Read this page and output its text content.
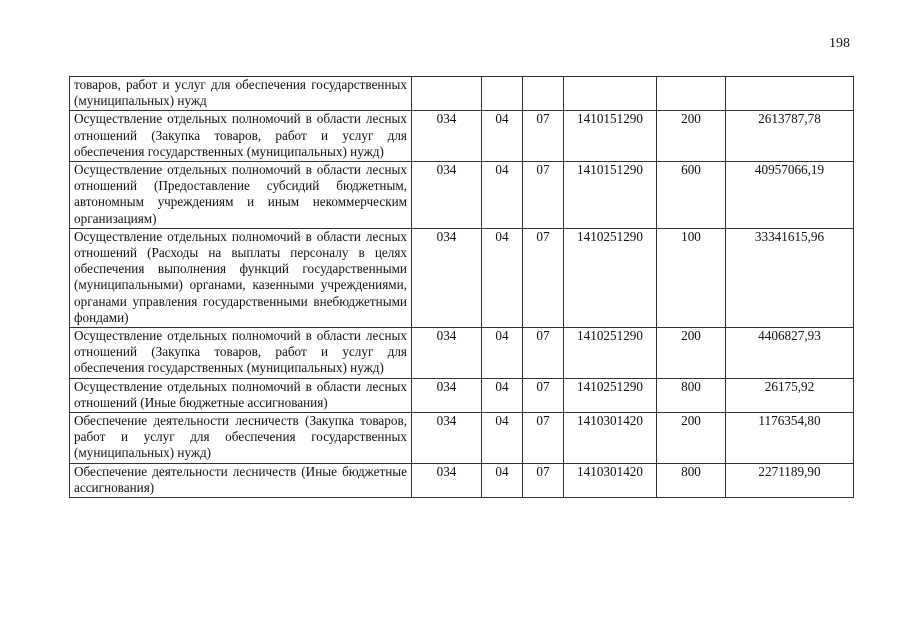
198
товаров, работ и услуг для обеспечения государственных (муниципальных) нужд						
Осуществление отдельных полномочий в области лесных отношений (Закупка товаров, работ и услуг для обеспечения государственных (муниципальных) нужд)	034	04	07	1410151290	200	2613787,78
Осуществление отдельных полномочий в области лесных отношений (Предоставление субсидий бюджетным, автономным учреждениям и иным некоммерческим организациям)	034	04	07	1410151290	600	40957066,19
Осуществление отдельных полномочий в области лесных отношений (Расходы на выплаты персоналу в целях обеспечения выполнения функций государственными (муниципальными) органами, казенными учреждениями, органами управления государственными внебюджетными фондами)	034	04	07	1410251290	100	33341615,96
Осуществление отдельных полномочий в области лесных отношений (Закупка товаров, работ и услуг для обеспечения государственных (муниципальных) нужд)	034	04	07	1410251290	200	4406827,93
Осуществление отдельных полномочий в области лесных отношений (Иные бюджетные ассигнования)	034	04	07	1410251290	800	26175,92
Обеспечение деятельности лесничеств (Закупка товаров, работ и услуг для обеспечения государственных (муниципальных) нужд)	034	04	07	1410301420	200	1176354,80
Обеспечение деятельности лесничеств (Иные бюджетные ассигнования)	034	04	07	1410301420	800	2271189,90
